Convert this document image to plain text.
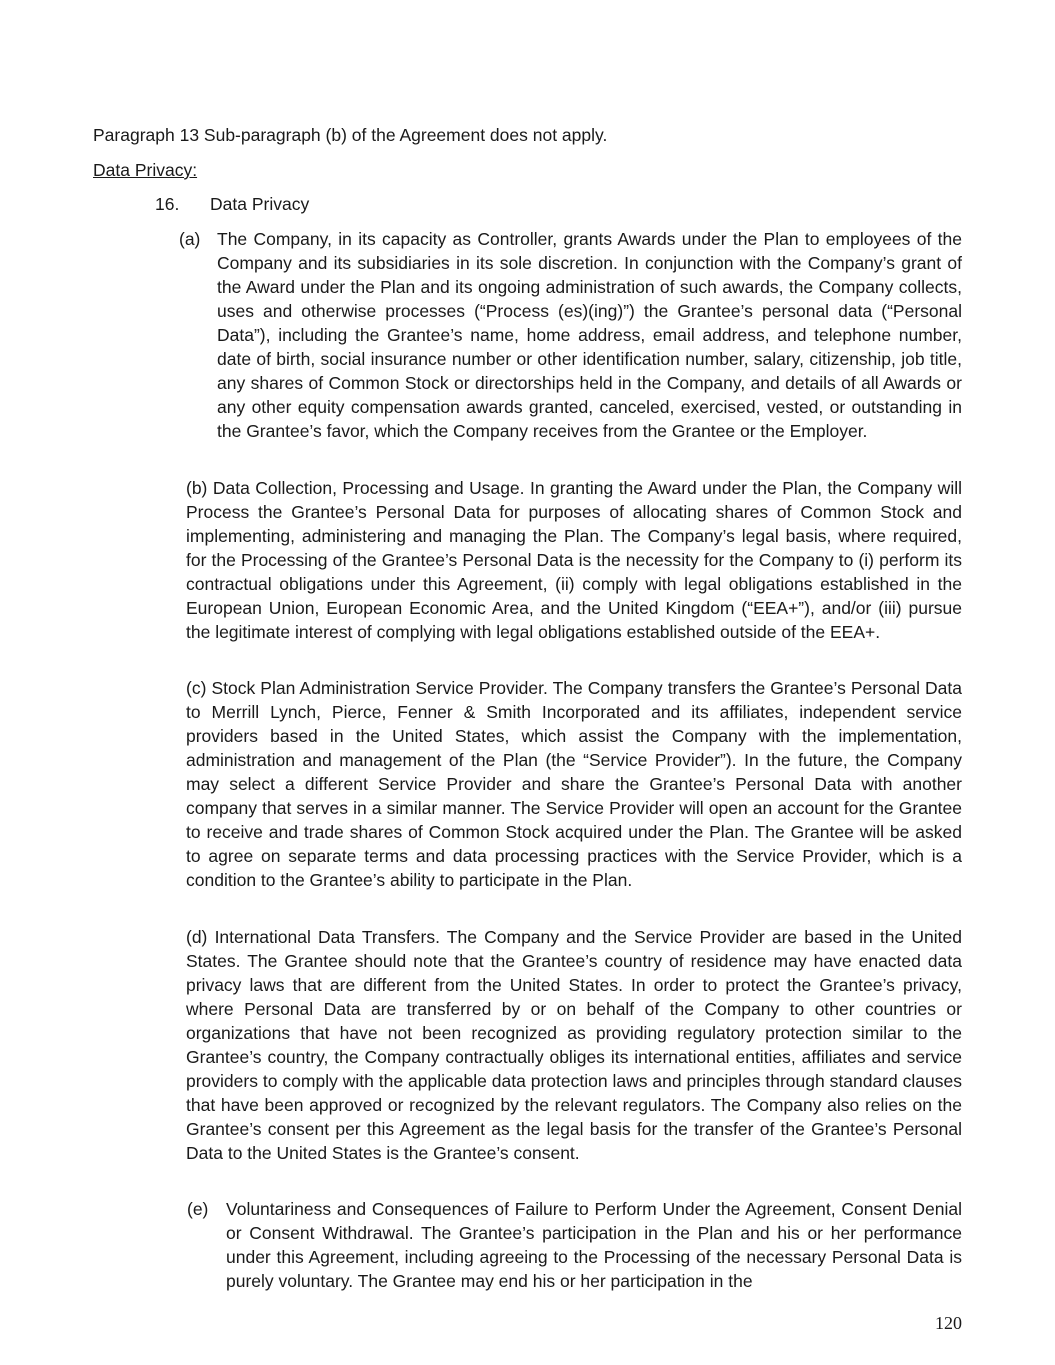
Paragraph 13 Sub-paragraph (b) of the Agreement does not apply.

Data Privacy:

16. Data Privacy

(a) The Company, in its capacity as Controller, grants Awards under the Plan to employees of the Company and its subsidiaries in its sole discretion. In conjunction with the Company’s grant of the Award under the Plan and its ongoing administration of such awards, the Company collects, uses and otherwise processes (“Process (es)(ing)”) the Grantee’s personal data (“Personal Data”), including the Grantee’s name, home address, email address, and telephone number, date of birth, social insurance number or other identification number, salary, citizenship, job title, any shares of Common Stock or directorships held in the Company, and details of all Awards or any other equity compensation awards granted, canceled, exercised, vested, or outstanding in the Grantee’s favor, which the Company receives from the Grantee or the Employer.

(b) Data Collection, Processing and Usage. In granting the Award under the Plan, the Company will Process the Grantee’s Personal Data for purposes of allocating shares of Common Stock and implementing, administering and managing the Plan. The Company’s legal basis, where required, for the Processing of the Grantee’s Personal Data is the necessity for the Company to (i) perform its contractual obligations under this Agreement, (ii) comply with legal obligations established in the European Union, European Economic Area, and the United Kingdom (“EEA+”), and/or (iii) pursue the legitimate interest of complying with legal obligations established outside of the EEA+.
(c) Stock Plan Administration Service Provider. The Company transfers the Grantee’s Personal Data to Merrill Lynch, Pierce, Fenner & Smith Incorporated and its affiliates, independent service providers based in the United States, which assist the Company with the implementation, administration and management of the Plan (the “Service Provider”). In the future, the Company may select a different Service Provider and share the Grantee’s Personal Data with another company that serves in a similar manner. The Service Provider will open an account for the Grantee to receive and trade shares of Common Stock acquired under the Plan. The Grantee will be asked to agree on separate terms and data processing practices with the Service Provider, which is a condition to the Grantee’s ability to participate in the Plan.
(d) International Data Transfers. The Company and the Service Provider are based in the United States. The Grantee should note that the Grantee’s country of residence may have enacted data privacy laws that are different from the United States. In order to protect the Grantee’s privacy, where Personal Data are transferred by or on behalf of the Company to other countries or organizations that have not been recognized as providing regulatory protection similar to the Grantee’s country, the Company contractually obliges its international entities, affiliates and service providers to comply with the applicable data protection laws and principles through standard clauses that have been approved or recognized by the relevant regulators. The Company also relies on the Grantee’s consent per this Agreement as the legal basis for the transfer of the Grantee’s Personal Data to the United States is the Grantee’s consent.
(e) Voluntariness and Consequences of Failure to Perform Under the Agreement, Consent Denial or Consent Withdrawal. The Grantee’s participation in the Plan and his or her performance under this Agreement, including agreeing to the Processing of the necessary Personal Data is purely voluntary. The Grantee may end his or her participation in the

120
